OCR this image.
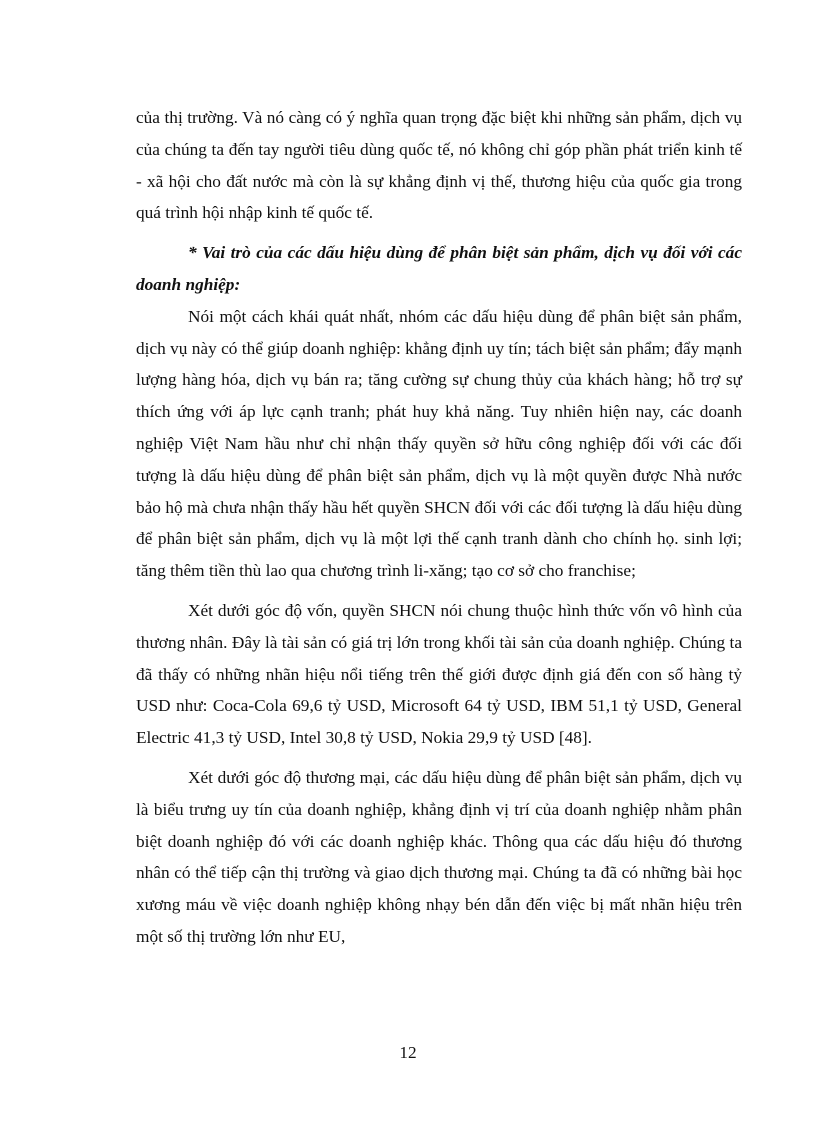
của thị trường. Và nó càng có ý nghĩa quan trọng đặc biệt khi những sản phẩm, dịch vụ của chúng ta đến tay người tiêu dùng quốc tế, nó không chỉ góp phần phát triển kinh tế - xã hội cho đất nước mà còn là sự khẳng định vị thế, thương hiệu của quốc gia trong quá trình hội nhập kinh tế quốc tế.

* Vai trò của các dấu hiệu dùng để phân biệt sản phẩm, dịch vụ đối với các doanh nghiệp:

Nói một cách khái quát nhất, nhóm các dấu hiệu dùng để phân biệt sản phẩm, dịch vụ này có thể giúp doanh nghiệp: khẳng định uy tín; tách biệt sản phẩm; đẩy mạnh lượng hàng hóa, dịch vụ bán ra; tăng cường sự chung thủy của khách hàng; hỗ trợ sự thích ứng với áp lực cạnh tranh; phát huy khả năng. Tuy nhiên hiện nay, các doanh nghiệp Việt Nam hầu như chỉ nhận thấy quyền sở hữu công nghiệp đối với các đối tượng là dấu hiệu dùng để phân biệt sản phẩm, dịch vụ là một quyền được Nhà nước bảo hộ mà chưa nhận thấy hầu hết quyền SHCN đối với các đối tượng là dấu hiệu dùng để phân biệt sản phẩm, dịch vụ là một lợi thế cạnh tranh dành cho chính họ. sinh lợi; tăng thêm tiền thù lao qua chương trình li-xăng; tạo cơ sở cho franchise;

Xét dưới góc độ vốn, quyền SHCN nói chung thuộc hình thức vốn vô hình của thương nhân. Đây là tài sản có giá trị lớn trong khối tài sản của doanh nghiệp. Chúng ta đã thấy có những nhãn hiệu nổi tiếng trên thế giới được định giá đến con số hàng tỷ USD như: Coca-Cola 69,6 tỷ USD, Microsoft 64 tỷ USD, IBM 51,1 tỷ USD, General Electric 41,3 tỷ USD, Intel 30,8 tỷ USD, Nokia 29,9 tỷ USD [48].

Xét dưới góc độ thương mại, các dấu hiệu dùng để phân biệt sản phẩm, dịch vụ là biểu trưng uy tín của doanh nghiệp, khẳng định vị trí của doanh nghiệp nhằm phân biệt doanh nghiệp đó với các doanh nghiệp khác. Thông qua các dấu hiệu đó thương nhân có thể tiếp cận thị trường và giao dịch thương mại. Chúng ta đã có những bài học xương máu về việc doanh nghiệp không nhạy bén dẫn đến việc bị mất nhãn hiệu trên một số thị trường lớn như EU,

12
